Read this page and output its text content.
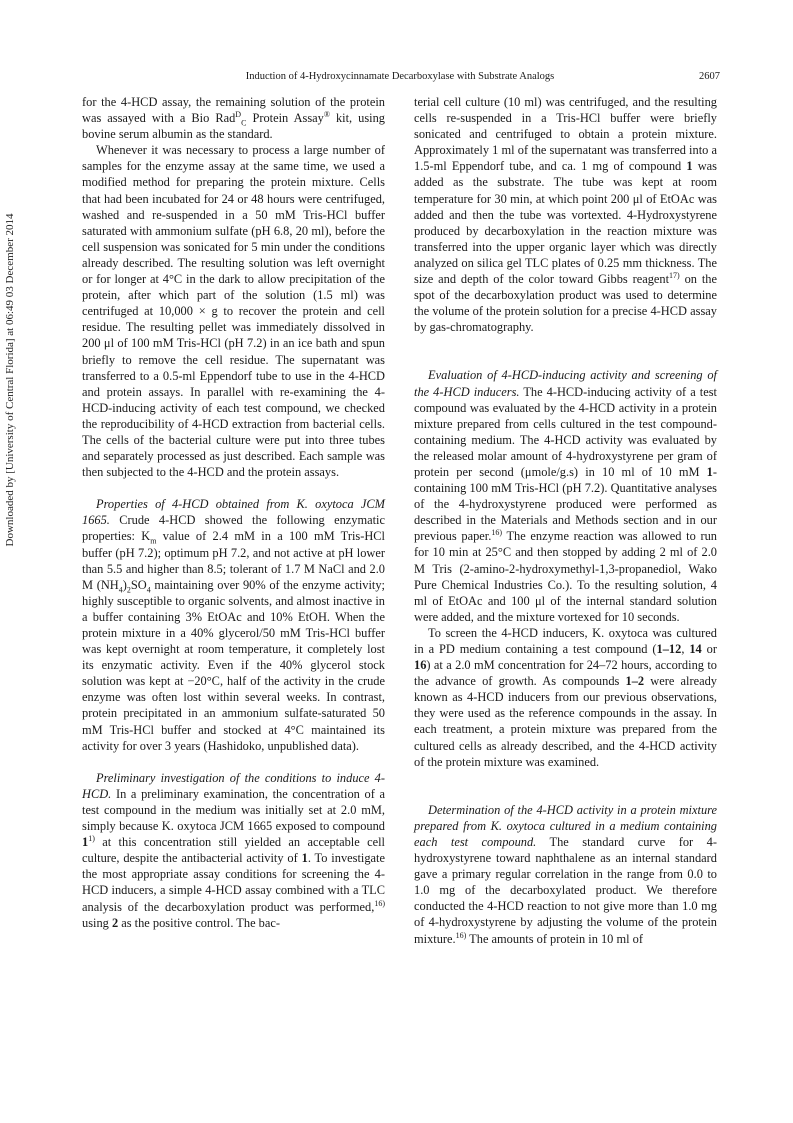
Induction of 4-Hydroxycinnamate Decarboxylase with Substrate Analogs	2607
Downloaded by [University of Central Florida] at 06:49 03 December 2014

for the 4-HCD assay, the remaining solution of the protein was assayed with a Bio Rad$^D_C$ Protein Assay® kit, using bovine serum albumin as the standard.

Whenever it was necessary to process a large number of samples for the enzyme assay at the same time, we used a modified method for preparing the protein mixture. Cells that had been incubated for 24 or 48 hours were centrifuged, washed and re-suspended in a 50 mM Tris-HCl buffer saturated with ammonium sulfate (pH 6.8, 20 ml), before the cell suspension was sonicated for 5 min under the conditions already described. The resulting solution was left overnight or for longer at 4°C in the dark to allow precipitation of the protein, after which part of the solution (1.5 ml) was centrifuged at 10,000 × g to recover the protein and cell residue. The resulting pellet was immediately dissolved in 200 μl of 100 mM Tris-HCl (pH 7.2) in an ice bath and spun briefly to remove the cell residue. The supernatant was transferred to a 0.5-ml Eppendorf tube to use in the 4-HCD and protein assays. In parallel with re-examining the 4-HCD-inducing activity of each test compound, we checked the reproducibility of 4-HCD extraction from bacterial cells. The cells of the bacterial culture were put into three tubes and separately processed as just described. Each sample was then subjected to the 4-HCD and the protein assays.

Properties of 4-HCD obtained from K. oxytoca JCM 1665. Crude 4-HCD showed the following enzymatic properties: $K_m$ value of 2.4 mM in a 100 mM Tris-HCl buffer (pH 7.2); optimum pH 7.2, and not active at pH lower than 5.5 and higher than 8.5; tolerant of 1.7 M NaCl and 2.0 M $(NH_4)_2SO_4$ maintaining over 90% of the enzyme activity; highly susceptible to organic solvents, and almost inactive in a buffer containing 3% EtOAc and 10% EtOH. When the protein mixture in a 40% glycerol/50 mM Tris-HCl buffer was kept overnight at room temperature, it completely lost its enzymatic activity. Even if the 40% glycerol stock solution was kept at −20°C, half of the activity in the crude enzyme was often lost within several weeks. In contrast, protein precipitated in an ammonium sulfate-saturated 50 mM Tris-HCl buffer and stocked at 4°C maintained its activity for over 3 years (Hashidoko, unpublished data).

Preliminary investigation of the conditions to induce 4-HCD. In a preliminary examination, the concentration of a test compound in the medium was initially set at 2.0 mM, simply because K. oxytoca JCM 1665 exposed to compound 1$^{1)}$ at this concentration still yielded an acceptable cell culture, despite the antibacterial activity of 1. To investigate the most appropriate assay conditions for screening the 4-HCD inducers, a simple 4-HCD assay combined with a TLC analysis of the decarboxylation product was performed,$^{16)}$ using 2 as the positive control. The bac-

terial cell culture (10 ml) was centrifuged, and the resulting cells re-suspended in a Tris-HCl buffer were briefly sonicated and centrifuged to obtain a protein mixture. Approximately 1 ml of the supernatant was transferred into a 1.5-ml Eppendorf tube, and ca. 1 mg of compound 1 was added as the substrate. The tube was kept at room temperature for 30 min, at which point 200 μl of EtOAc was added and then the tube was vortexted. 4-Hydroxystyrene produced by decarboxylation in the reaction mixture was transferred into the upper organic layer which was directly analyzed on silica gel TLC plates of 0.25 mm thickness. The size and depth of the color toward Gibbs reagent$^{17)}$ on the spot of the decarboxylation product was used to determine the volume of the protein solution for a precise 4-HCD assay by gas-chromatography.

Evaluation of 4-HCD-inducing activity and screening of the 4-HCD inducers. The 4-HCD-inducing activity of a test compound was evaluated by the 4-HCD activity in a protein mixture prepared from cells cultured in the test compound-containing medium. The 4-HCD activity was evaluated by the released molar amount of 4-hydroxystyrene per gram of protein per second (μmole/g.s) in 10 ml of 10 mM 1-containing 100 mM Tris-HCl (pH 7.2). Quantitative analyses of the 4-hydroxystyrene produced were performed as described in the Materials and Methods section and in our previous paper.$^{16)}$ The enzyme reaction was allowed to run for 10 min at 25°C and then stopped by adding 2 ml of 2.0 M Tris (2-amino-2-hydroxymethyl-1,3-propanediol, Wako Pure Chemical Industries Co.). To the resulting solution, 4 ml of EtOAc and 100 μl of the internal standard solution were added, and the mixture vortexed for 10 seconds.

To screen the 4-HCD inducers, K. oxytoca was cultured in a PD medium containing a test compound (1–12, 14 or 16) at a 2.0 mM concentration for 24–72 hours, according to the advance of growth. As compounds 1–2 were already known as 4-HCD inducers from our previous observations, they were used as the reference compounds in the assay. In each treatment, a protein mixture was prepared from the cultured cells as already described, and the 4-HCD activity of the protein mixture was examined.

Determination of the 4-HCD activity in a protein mixture prepared from K. oxytoca cultured in a medium containing each test compound. The standard curve for 4-hydroxystyrene toward naphthalene as an internal standard gave a primary regular correlation in the range from 0.0 to 1.0 mg of the decarboxylated product. We therefore conducted the 4-HCD reaction to not give more than 1.0 mg of 4-hydroxystyrene by adjusting the volume of the protein mixture.$^{16)}$ The amounts of protein in 10 ml of
